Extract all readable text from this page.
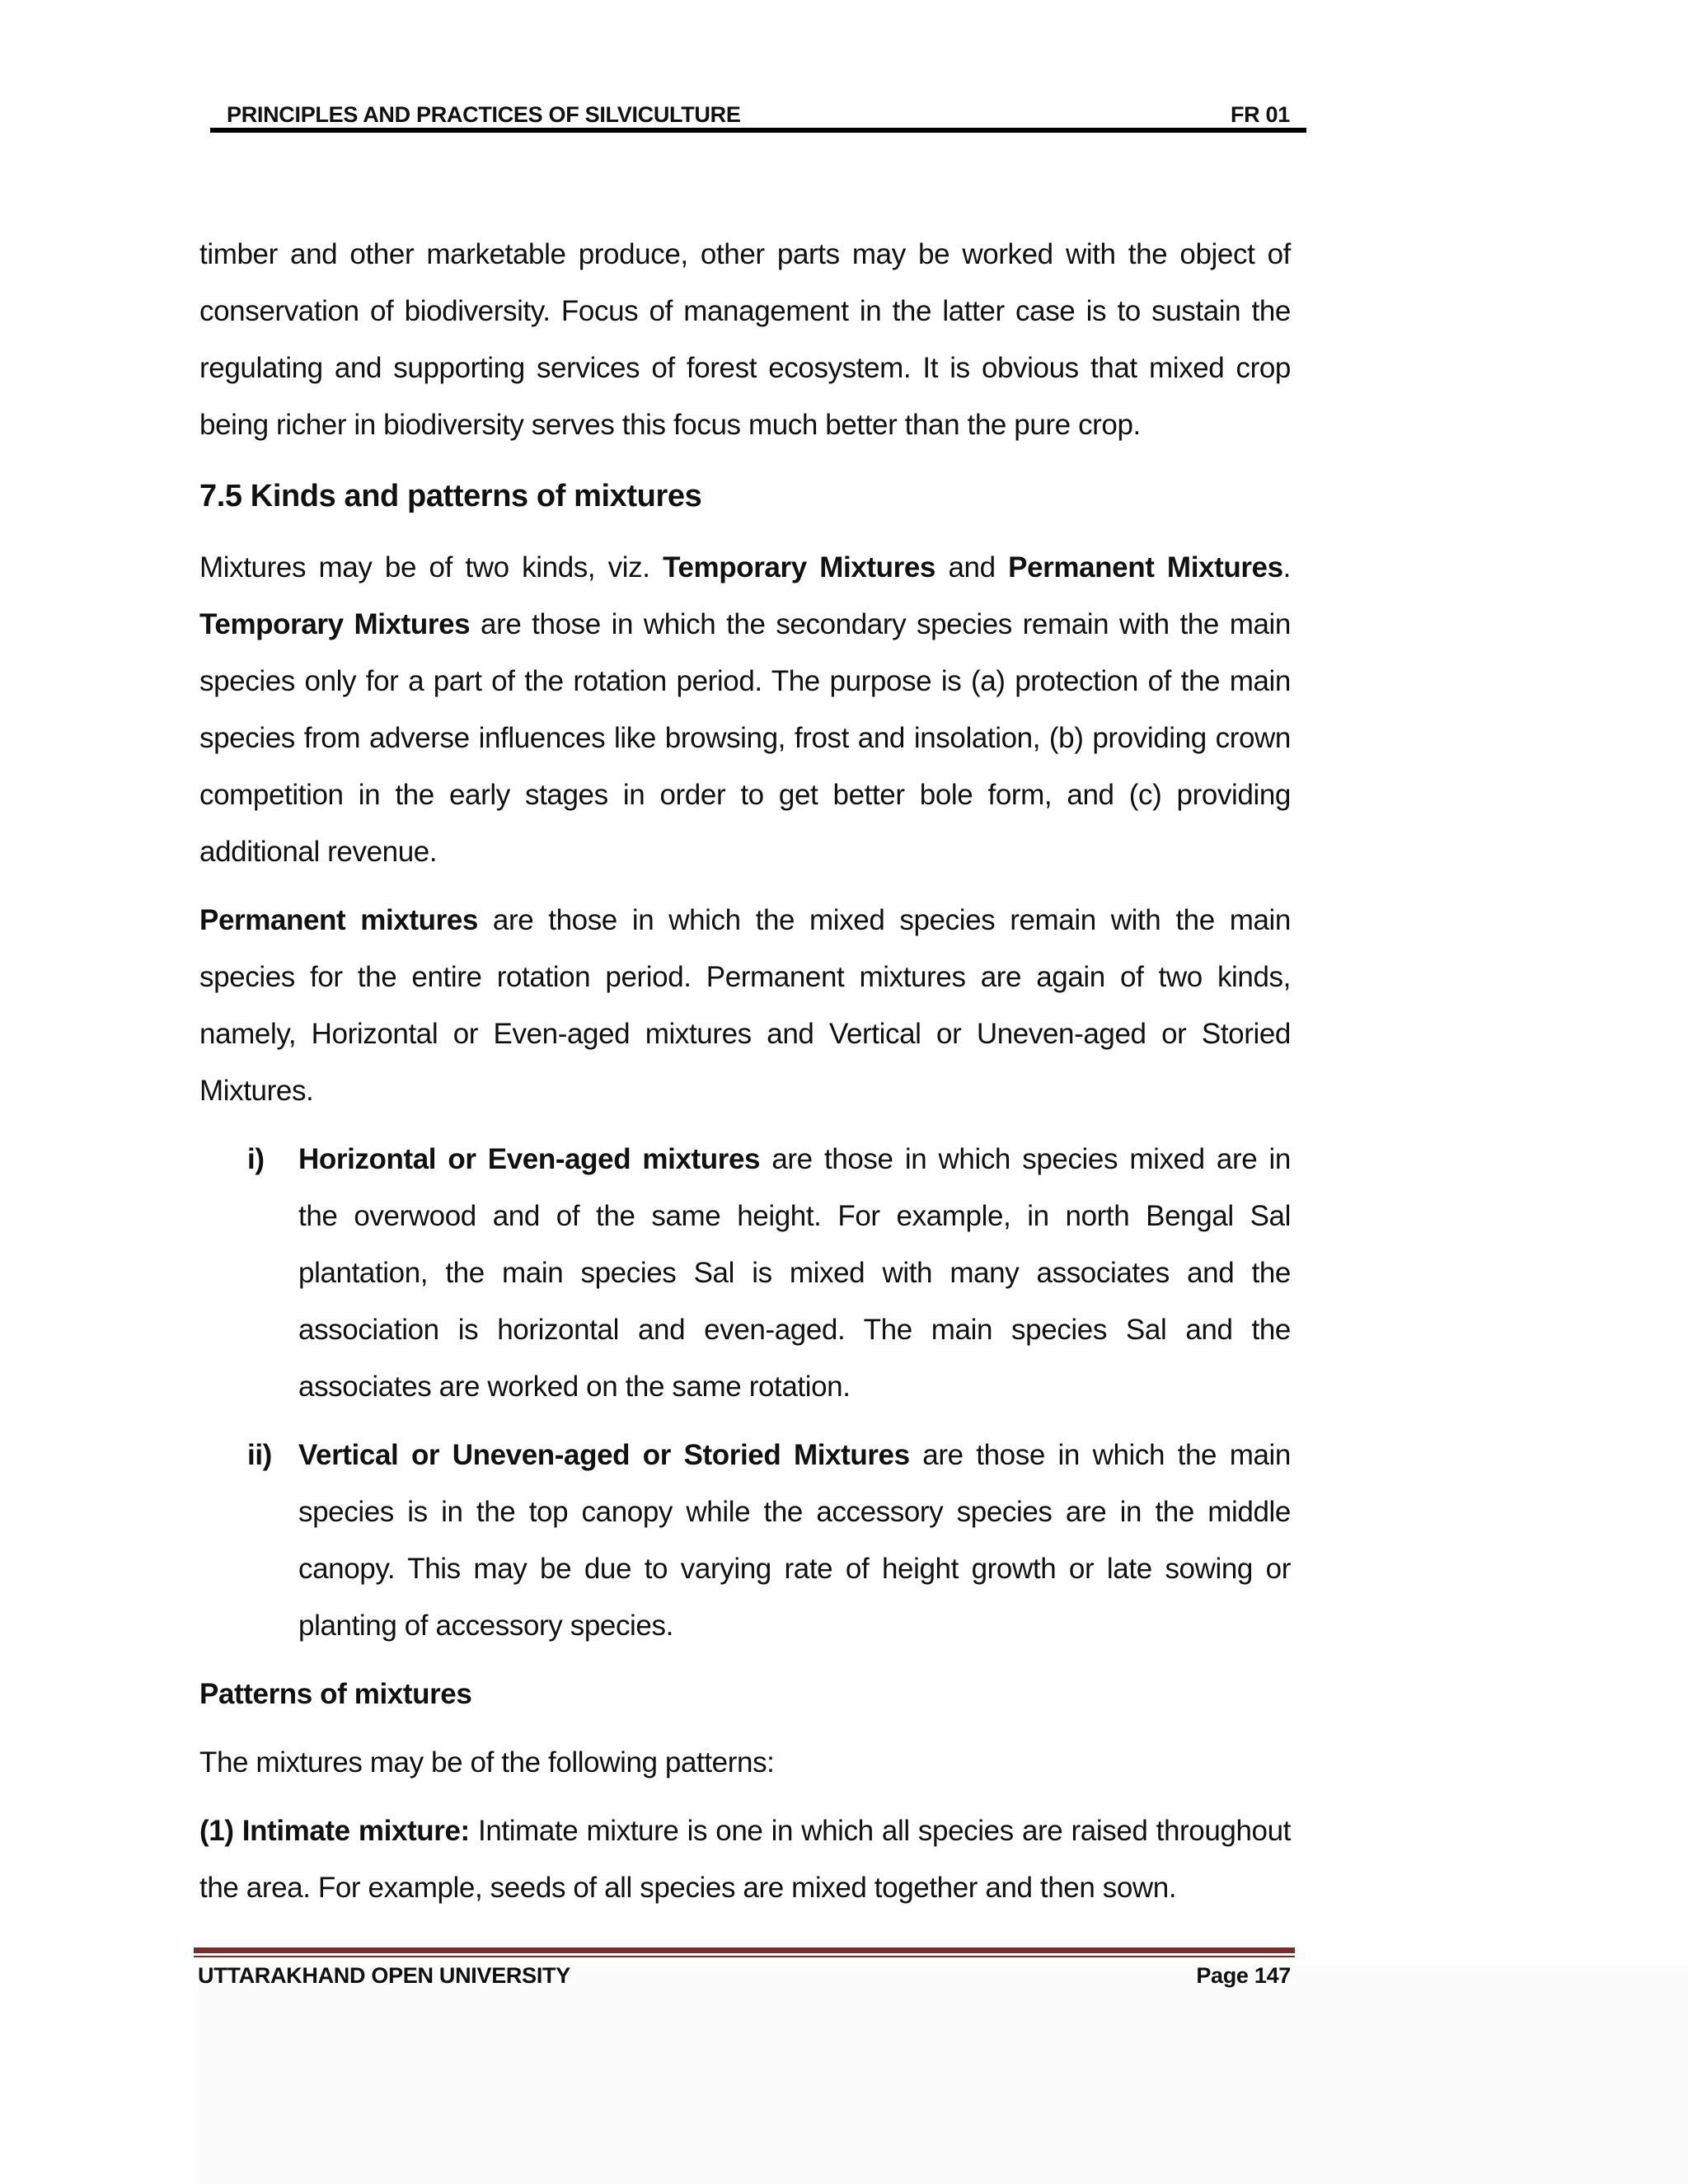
PRINCIPLES AND PRACTICES OF SILVICULTURE	FR 01

timber and other marketable produce, other parts may be worked with the object of conservation of biodiversity. Focus of management in the latter case is to sustain the regulating and supporting services of forest ecosystem. It is obvious that mixed crop being richer in biodiversity serves this focus much better than the pure crop.

7.5 Kinds and patterns of mixtures

Mixtures may be of two kinds, viz. Temporary Mixtures and Permanent Mixtures. Temporary Mixtures are those in which the secondary species remain with the main species only for a part of the rotation period. The purpose is (a) protection of the main species from adverse influences like browsing, frost and insolation, (b) providing crown competition in the early stages in order to get better bole form, and (c) providing additional revenue.

Permanent mixtures are those in which the mixed species remain with the main species for the entire rotation period. Permanent mixtures are again of two kinds, namely, Horizontal or Even-aged mixtures and Vertical or Uneven-aged or Storied Mixtures.

i) Horizontal or Even-aged mixtures are those in which species mixed are in the overwood and of the same height. For example, in north Bengal Sal plantation, the main species Sal is mixed with many associates and the association is horizontal and even-aged. The main species Sal and the associates are worked on the same rotation.
ii) Vertical or Uneven-aged or Storied Mixtures are those in which the main species is in the top canopy while the accessory species are in the middle canopy. This may be due to varying rate of height growth or late sowing or planting of accessory species.
Patterns of mixtures

The mixtures may be of the following patterns:

(1) Intimate mixture: Intimate mixture is one in which all species are raised throughout the area. For example, seeds of all species are mixed together and then sown.

UTTARAKHAND OPEN UNIVERSITY	Page 147
